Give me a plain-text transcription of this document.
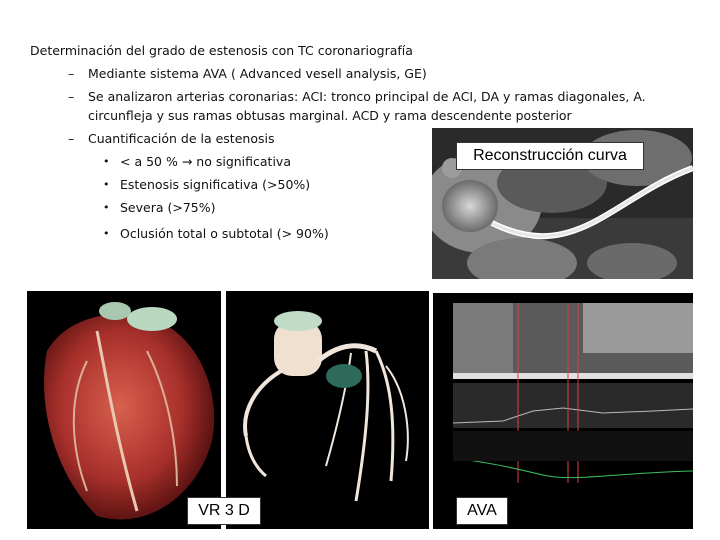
Determinación del grado de estenosis con TC coronariografía
– Mediante sistema AVA ( Advanced vesell analysis, GE)
– Se analizaron arterias coronarias: ACI: tronco principal de ACI, DA y ramas diagonales, A.
circunfleja y sus ramas obtusas marginal. ACD y rama descendente posterior
– Cuantificación de la estenosis
• < a 50 % → no significativa
• Estenosis significativa (>50%)
• Severa (>75%)
• Oclusión total o subtotal (> 90%)
Reconstrucción curva
VR 3 D	AVA
